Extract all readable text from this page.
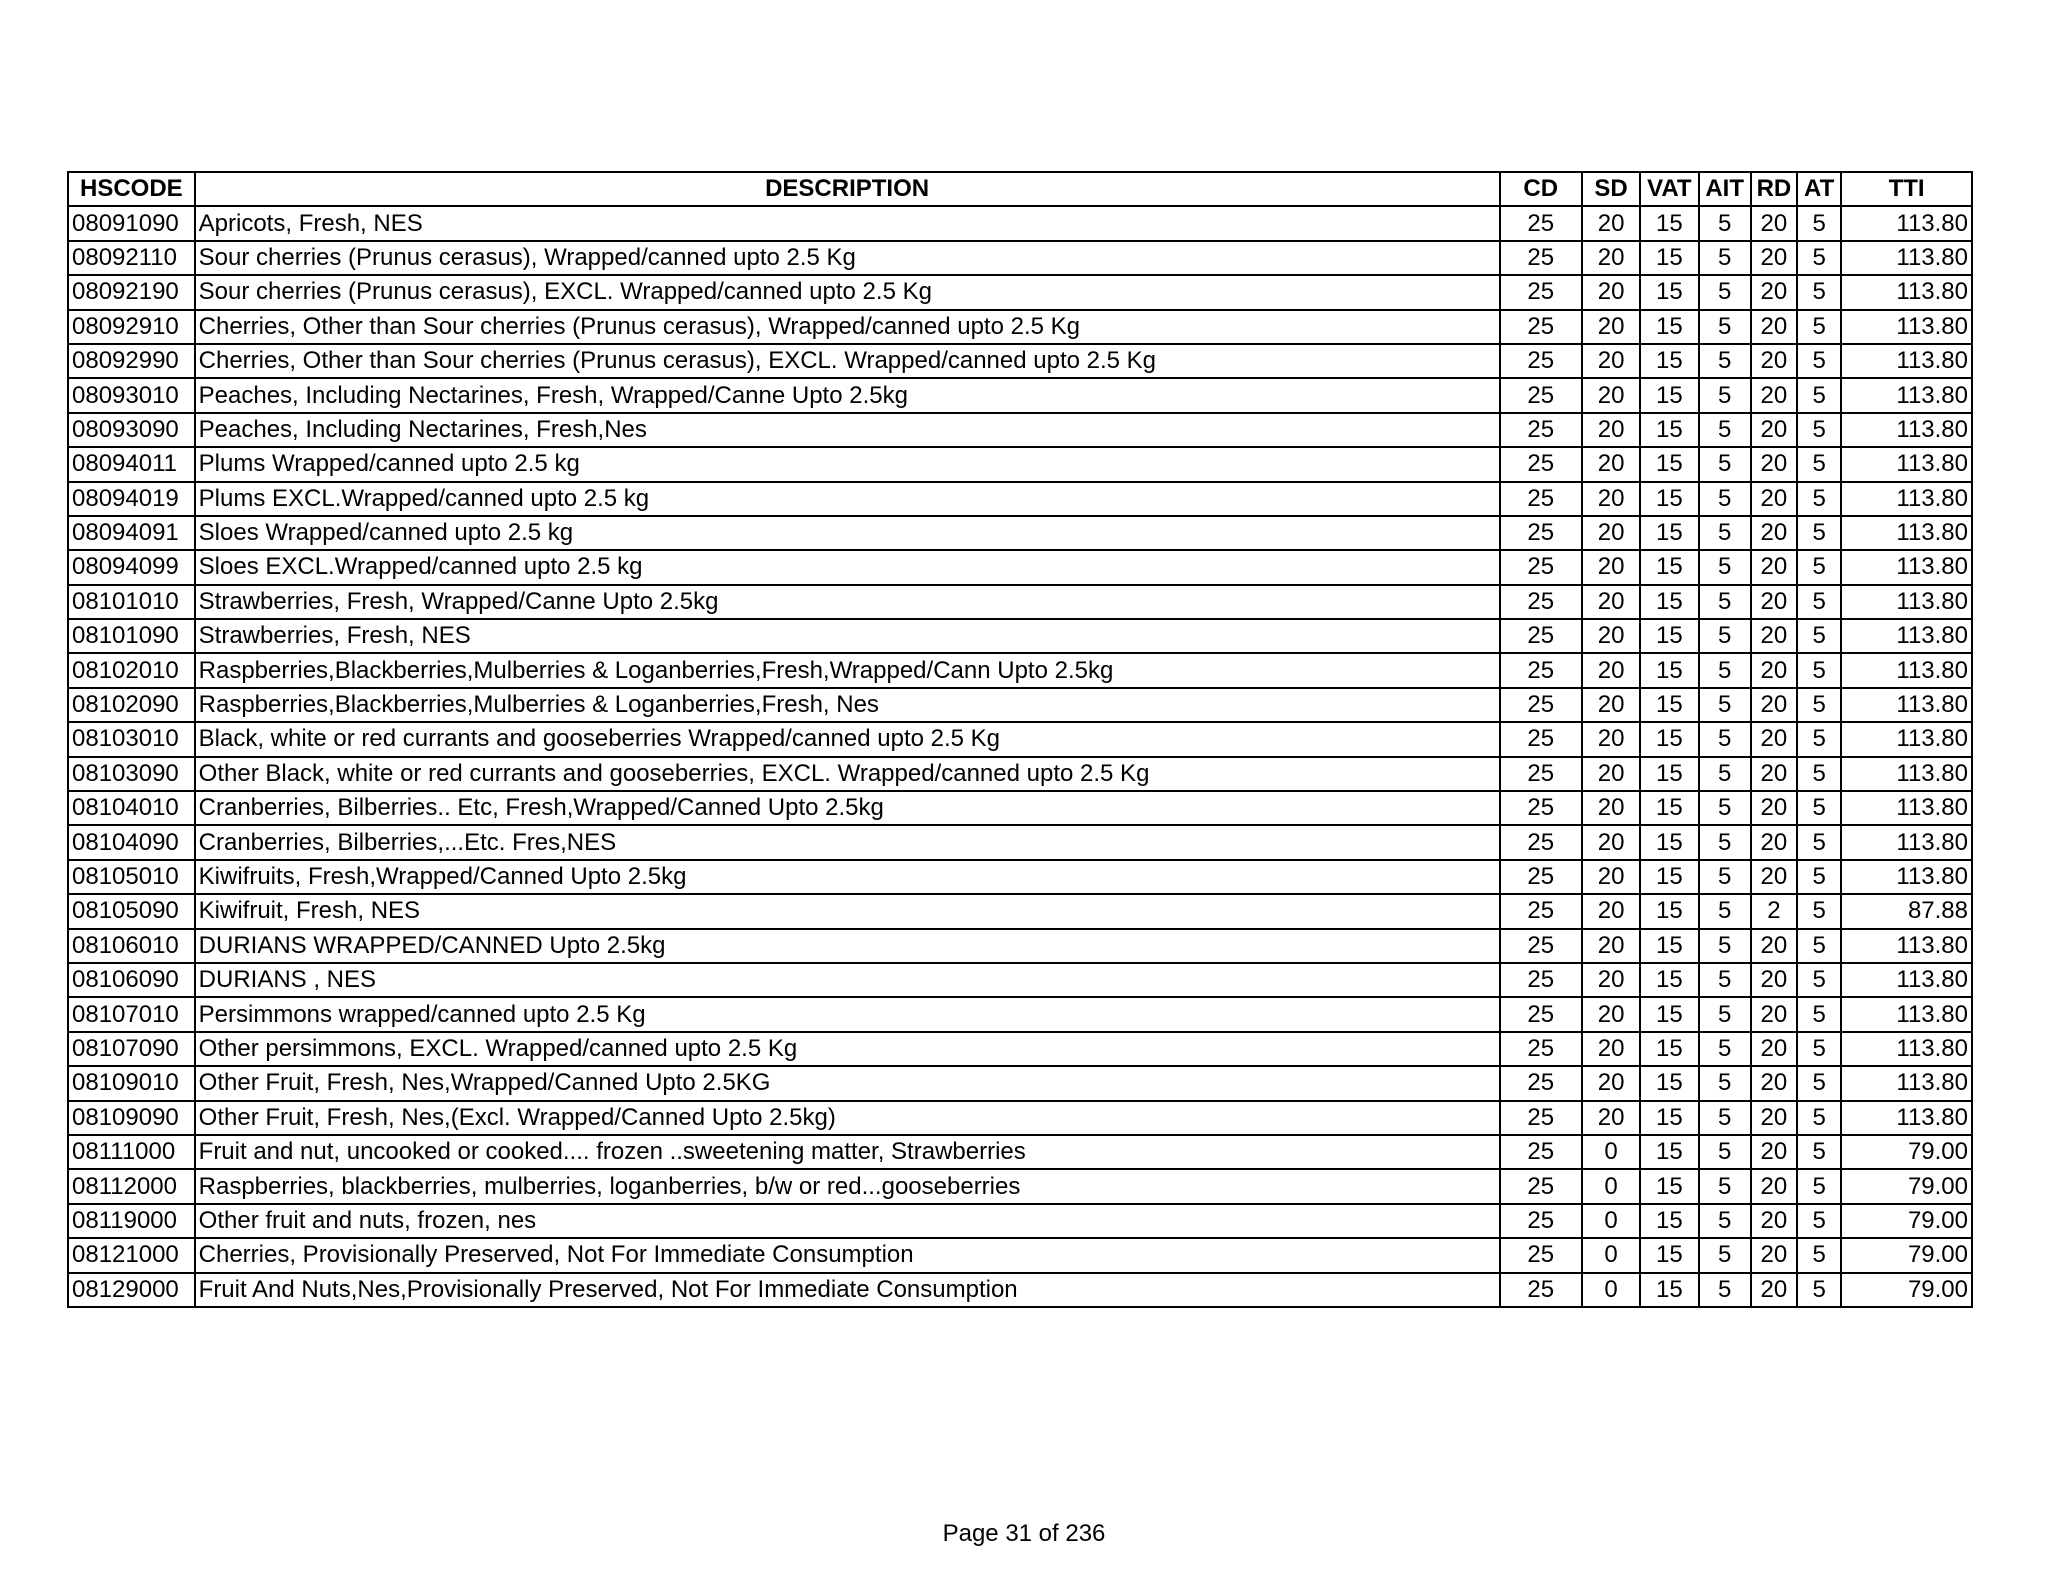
HSCODE	DESCRIPTION	CD	SD	VAT	AIT	RD	AT	TTI
08091090	Apricots, Fresh, NES	25	20	15	5	20	5	113.80
08092110	Sour cherries (Prunus cerasus), Wrapped/canned upto 2.5 Kg	25	20	15	5	20	5	113.80
08092190	Sour cherries (Prunus cerasus), EXCL. Wrapped/canned upto 2.5 Kg	25	20	15	5	20	5	113.80
08092910	Cherries, Other than Sour cherries (Prunus cerasus), Wrapped/canned upto 2.5 Kg	25	20	15	5	20	5	113.80
08092990	Cherries, Other than Sour cherries (Prunus cerasus), EXCL. Wrapped/canned upto 2.5 Kg	25	20	15	5	20	5	113.80
08093010	Peaches, Including Nectarines, Fresh, Wrapped/Canne Upto 2.5kg	25	20	15	5	20	5	113.80
08093090	Peaches, Including Nectarines, Fresh,Nes	25	20	15	5	20	5	113.80
08094011	Plums Wrapped/canned upto 2.5 kg	25	20	15	5	20	5	113.80
08094019	Plums EXCL.Wrapped/canned upto 2.5 kg	25	20	15	5	20	5	113.80
08094091	Sloes Wrapped/canned upto 2.5 kg	25	20	15	5	20	5	113.80
08094099	Sloes EXCL.Wrapped/canned upto 2.5 kg	25	20	15	5	20	5	113.80
08101010	Strawberries, Fresh, Wrapped/Canne Upto 2.5kg	25	20	15	5	20	5	113.80
08101090	Strawberries, Fresh, NES	25	20	15	5	20	5	113.80
08102010	Raspberries,Blackberries,Mulberries & Loganberries,Fresh,Wrapped/Cann Upto 2.5kg	25	20	15	5	20	5	113.80
08102090	Raspberries,Blackberries,Mulberries & Loganberries,Fresh, Nes	25	20	15	5	20	5	113.80
08103010	Black, white or red currants and gooseberries Wrapped/canned upto 2.5 Kg	25	20	15	5	20	5	113.80
08103090	Other Black, white or red currants and gooseberries, EXCL. Wrapped/canned upto 2.5 Kg	25	20	15	5	20	5	113.80
08104010	Cranberries, Bilberries.. Etc, Fresh,Wrapped/Canned Upto 2.5kg	25	20	15	5	20	5	113.80
08104090	Cranberries, Bilberries,...Etc. Fres,NES	25	20	15	5	20	5	113.80
08105010	Kiwifruits, Fresh,Wrapped/Canned Upto 2.5kg	25	20	15	5	20	5	113.80
08105090	Kiwifruit, Fresh, NES	25	20	15	5	2	5	87.88
08106010	DURIANS WRAPPED/CANNED Upto 2.5kg	25	20	15	5	20	5	113.80
08106090	DURIANS , NES	25	20	15	5	20	5	113.80
08107010	Persimmons wrapped/canned upto 2.5 Kg	25	20	15	5	20	5	113.80
08107090	Other persimmons, EXCL. Wrapped/canned upto 2.5 Kg	25	20	15	5	20	5	113.80
08109010	Other Fruit, Fresh, Nes,Wrapped/Canned Upto 2.5KG	25	20	15	5	20	5	113.80
08109090	Other Fruit, Fresh, Nes,(Excl. Wrapped/Canned Upto 2.5kg)	25	20	15	5	20	5	113.80
08111000	Fruit and nut, uncooked or cooked.... frozen ..sweetening matter, Strawberries	25	0	15	5	20	5	79.00
08112000	Raspberries, blackberries, mulberries, loganberries, b/w or red...gooseberries	25	0	15	5	20	5	79.00
08119000	Other fruit and nuts, frozen, nes	25	0	15	5	20	5	79.00
08121000	Cherries, Provisionally Preserved, Not For Immediate Consumption	25	0	15	5	20	5	79.00
08129000	Fruit And Nuts,Nes,Provisionally Preserved, Not For Immediate Consumption	25	0	15	5	20	5	79.00
Page 31 of 236
